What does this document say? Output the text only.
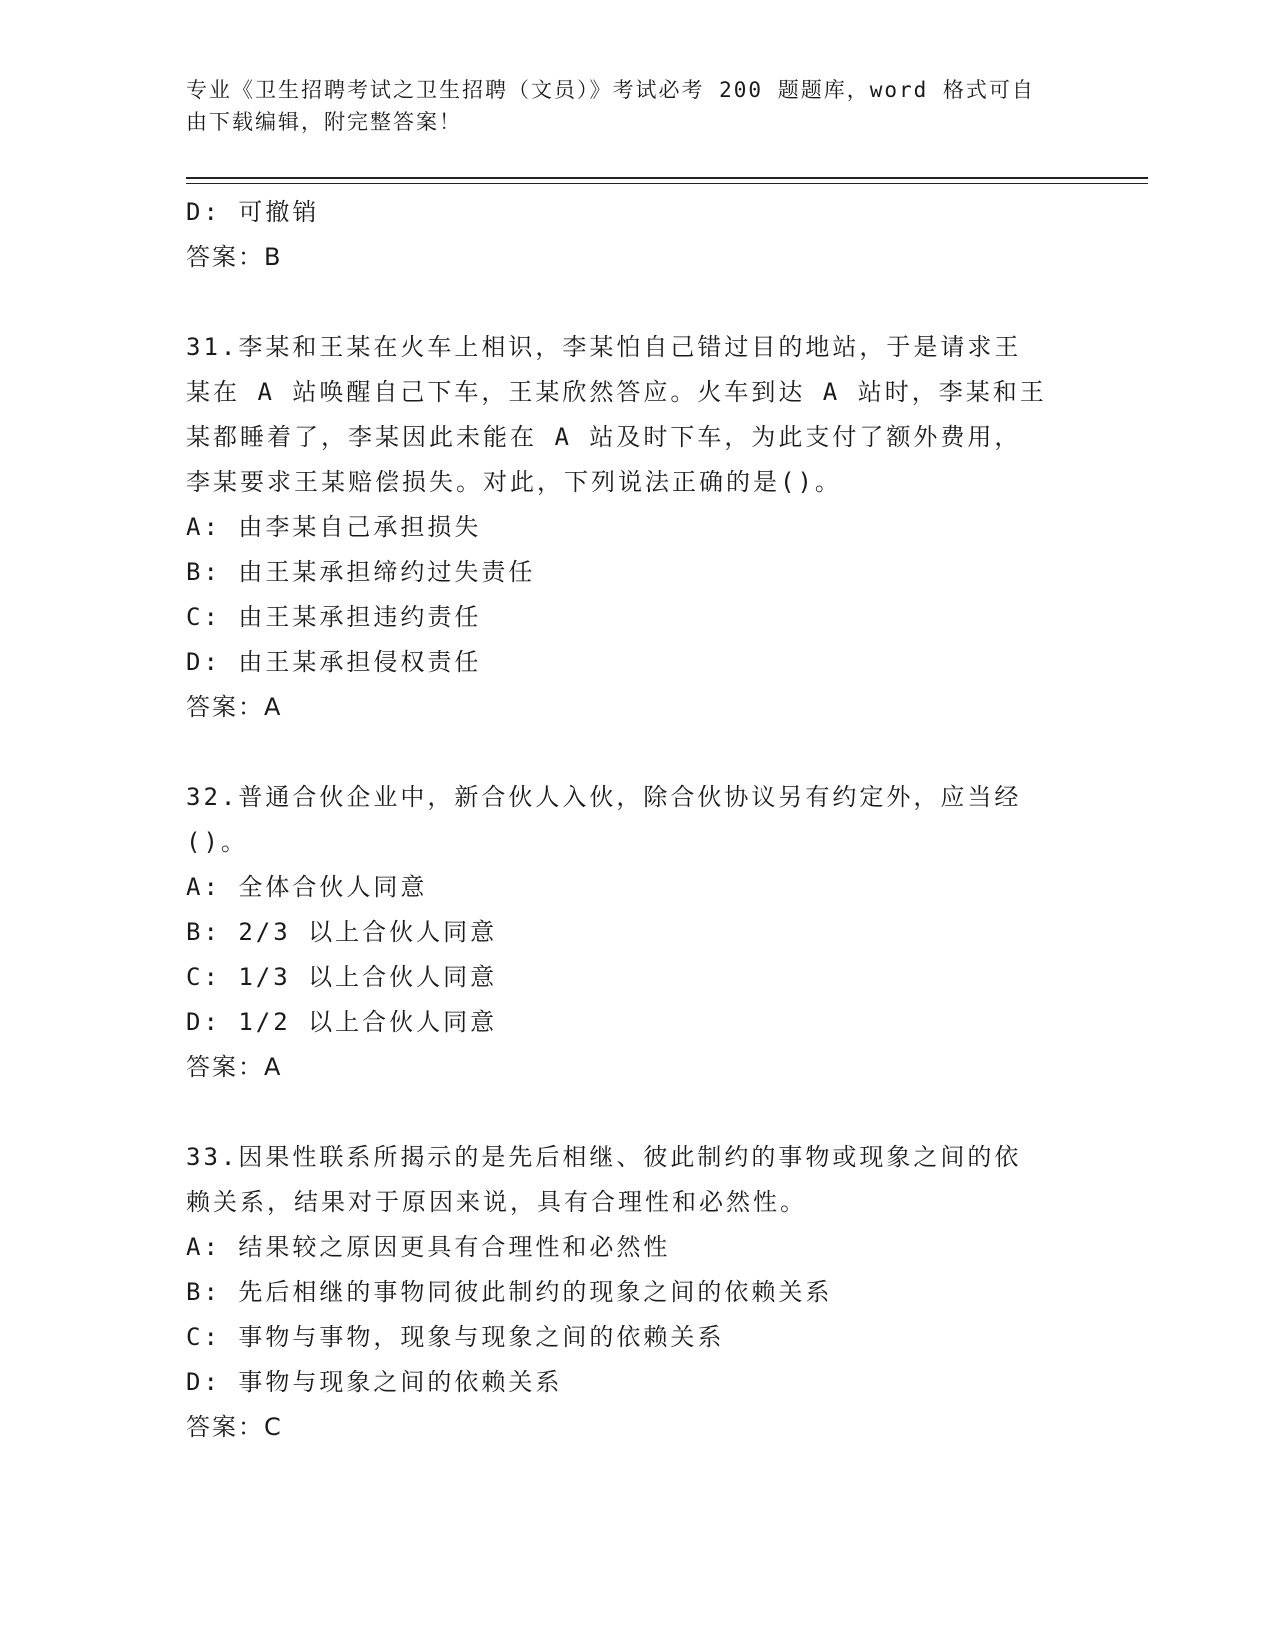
专业《卫生招聘考试之卫生招聘（文员）》考试必考 200 题题库，word 格式可自
由下载编辑，附完整答案！
D: 可撤销
答案：B
31.李某和王某在火车上相识，李某怕自己错过目的地站，于是请求王
某在 A 站唤醒自己下车，王某欣然答应。火车到达 A 站时，李某和王
某都睡着了，李某因此未能在 A 站及时下车，为此支付了额外费用，
李某要求王某赔偿损失。对此，下列说法正确的是()。
A: 由李某自己承担损失
B: 由王某承担缔约过失责任
C: 由王某承担违约责任
D: 由王某承担侵权责任
答案：A
32.普通合伙企业中，新合伙人入伙，除合伙协议另有约定外，应当经
()。
A: 全体合伙人同意
B: 2/3 以上合伙人同意
C: 1/3 以上合伙人同意
D: 1/2 以上合伙人同意
答案：A
33.因果性联系所揭示的是先后相继、彼此制约的事物或现象之间的依
赖关系，结果对于原因来说，具有合理性和必然性。
A: 结果较之原因更具有合理性和必然性
B: 先后相继的事物同彼此制约的现象之间的依赖关系
C: 事物与事物，现象与现象之间的依赖关系
D: 事物与现象之间的依赖关系
答案：C
